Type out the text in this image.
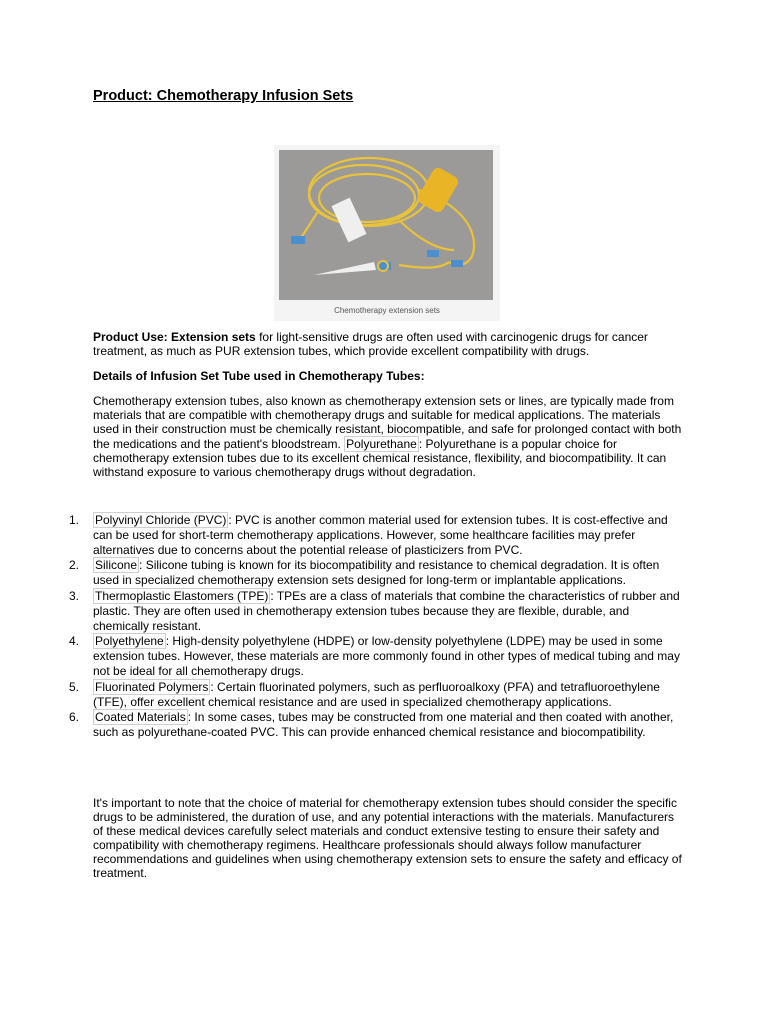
Product: Chemotherapy Infusion Sets
Chemotherapy extension sets
Product Use: Extension sets for light-sensitive drugs are often used with carcinogenic drugs for cancer treatment, as much as PUR extension tubes, which provide excellent compatibility with drugs.
Details of Infusion Set Tube used in Chemotherapy Tubes:
Chemotherapy extension tubes, also known as chemotherapy extension sets or lines, are typically made from materials that are compatible with chemotherapy drugs and suitable for medical applications. The materials used in their construction must be chemically resistant, biocompatible, and safe for prolonged contact with both the medications and the patient's bloodstream. Polyurethane : Polyurethane is a popular choice for chemotherapy extension tubes due to its excellent chemical resistance, flexibility, and biocompatibility. It can withstand exposure to various chemotherapy drugs without degradation.
1. Polyvinyl Chloride (PVC) : PVC is another common material used for extension tubes. It is cost-effective and can be used for short-term chemotherapy applications. However, some healthcare facilities may prefer alternatives due to concerns about the potential release of plasticizers from PVC.
2. Silicone : Silicone tubing is known for its biocompatibility and resistance to chemical degradation. It is often used in specialized chemotherapy extension sets designed for long-term or implantable applications.
3. Thermoplastic Elastomers (TPE) : TPEs are a class of materials that combine the characteristics of rubber and plastic. They are often used in chemotherapy extension tubes because they are flexible, durable, and chemically resistant.
4. Polyethylene : High-density polyethylene (HDPE) or low-density polyethylene (LDPE) may be used in some extension tubes. However, these materials are more commonly found in other types of medical tubing and may not be ideal for all chemotherapy drugs.
5. Fluorinated Polymers : Certain fluorinated polymers, such as perfluoroalkoxy (PFA) and tetrafluoroethylene (TFE), offer excellent chemical resistance and are used in specialized chemotherapy applications.
6. Coated Materials : In some cases, tubes may be constructed from one material and then coated with another, such as polyurethane-coated PVC. This can provide enhanced chemical resistance and biocompatibility.
It's important to note that the choice of material for chemotherapy extension tubes should consider the specific drugs to be administered, the duration of use, and any potential interactions with the materials. Manufacturers of these medical devices carefully select materials and conduct extensive testing to ensure their safety and compatibility with chemotherapy regimens. Healthcare professionals should always follow manufacturer recommendations and guidelines when using chemotherapy extension sets to ensure the safety and efficacy of treatment.
